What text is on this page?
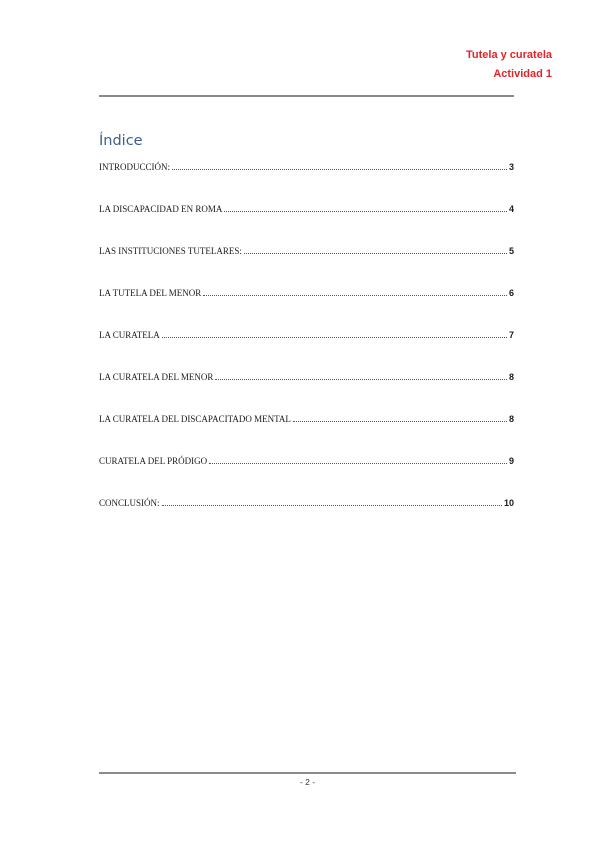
Tutela y curatela
Actividad 1
Índice
INTRODUCCIÓN:	3
LA DISCAPACIDAD EN ROMA	4
LAS INSTITUCIONES TUTELARES:	5
LA TUTELA DEL MENOR	6
LA CURATELA	7
LA CURATELA DEL MENOR	8
LA CURATELA DEL DISCAPACITADO MENTAL	8
CURATELA DEL PRÓDIGO	9
CONCLUSIÓN:	10
- 2 -
